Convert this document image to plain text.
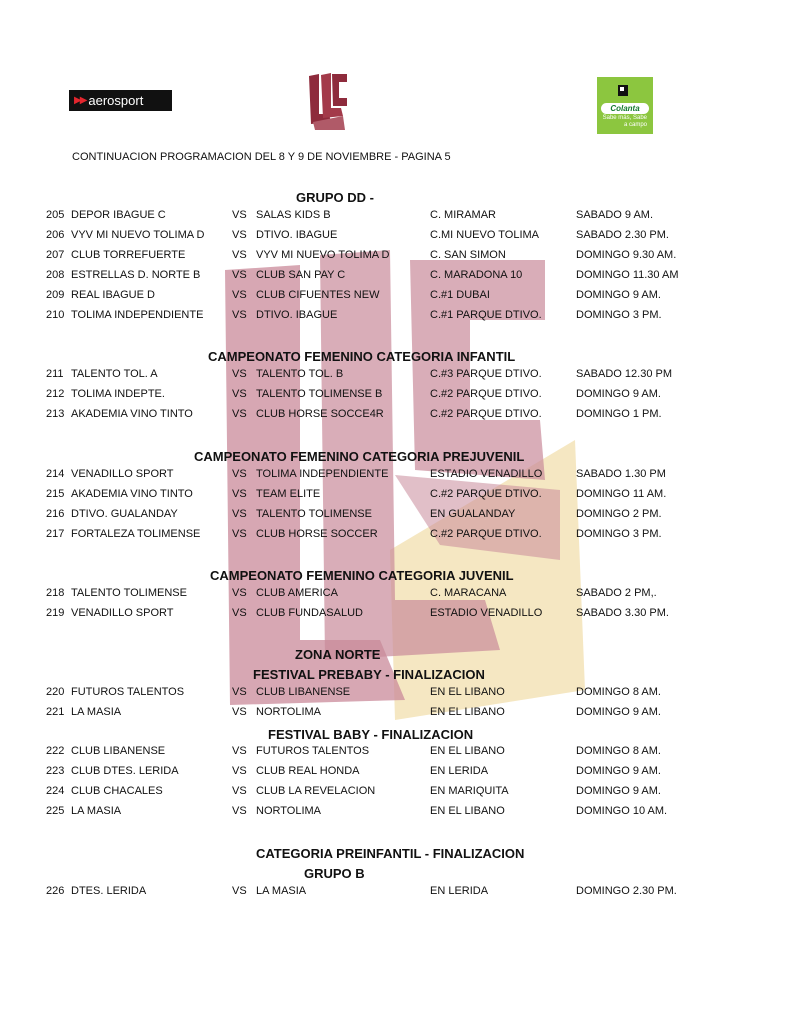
▶▶ aerosport
Colanta
Sabe más, Sabe a campo
CONTINUACION PROGRAMACION DEL 8 Y 9 DE NOVIEMBRE - PAGINA 5
GRUPO DD -
CAMPEONATO FEMENINO CATEGORIA INFANTIL
CAMPEONATO FEMENINO CATEGORIA PREJUVENIL
CAMPEONATO FEMENINO CATEGORIA JUVENIL
ZONA NORTE
FESTIVAL PREBABY - FINALIZACION
FESTIVAL BABY - FINALIZACION
CATEGORIA PREINFANTIL - FINALIZACION
GRUPO B
205 DEPOR IBAGUE C	VS SALAS KIDS B	C. MIRAMAR	SABADO 9 AM.
206 VYV MI NUEVO TOLIMA D	VS DTIVO. IBAGUE	C.MI NUEVO TOLIMA	SABADO 2.30 PM.
207 CLUB TORREFUERTE	VS VYV MI NUEVO TOLIMA D	C. SAN SIMON	DOMINGO 9.30 AM.
208 ESTRELLAS D. NORTE B	VS CLUB SAN PAY C	C. MARADONA 10	DOMINGO 11.30 AM
209 REAL IBAGUE D	VS CLUB CIFUENTES NEW	C.#1 DUBAI	DOMINGO 9 AM.
210 TOLIMA INDEPENDIENTE	VS DTIVO. IBAGUE	C.#1 PARQUE DTIVO.	DOMINGO 3 PM.
211 TALENTO TOL. A	VS TALENTO TOL. B	C.#3 PARQUE DTIVO.	SABADO 12.30 PM
212 TOLIMA INDEPTE.	VS TALENTO TOLIMENSE B	C.#2 PARQUE DTIVO.	DOMINGO 9 AM.
213 AKADEMIA VINO TINTO	VS CLUB HORSE SOCCE4R	C.#2 PARQUE DTIVO.	DOMINGO 1 PM.
214 VENADILLO SPORT	VS TOLIMA INDEPENDIENTE	ESTADIO VENADILLO	SABADO 1.30 PM
215 AKADEMIA VINO TINTO	VS TEAM ELITE	C.#2 PARQUE DTIVO.	DOMINGO 11 AM.
216 DTIVO. GUALANDAY	VS TALENTO TOLIMENSE	EN GUALANDAY	DOMINGO 2 PM.
217 FORTALEZA TOLIMENSE	VS CLUB HORSE SOCCER	C.#2 PARQUE DTIVO.	DOMINGO 3 PM.
218 TALENTO TOLIMENSE	VS CLUB AMERICA	C. MARACANA	SABADO 2 PM,.
219 VENADILLO SPORT	VS CLUB FUNDASALUD	ESTADIO VENADILLO	SABADO 3.30 PM.
220 FUTUROS TALENTOS	VS CLUB LIBANENSE	EN EL LIBANO	DOMINGO 8 AM.
221 LA MASIA	VS NORTOLIMA	EN EL LIBANO	DOMINGO 9 AM.
222 CLUB LIBANENSE	VS FUTUROS TALENTOS	EN EL LIBANO	DOMINGO 8 AM.
223 CLUB DTES. LERIDA	VS CLUB REAL HONDA	EN LERIDA	DOMINGO 9 AM.
224 CLUB CHACALES	VS CLUB LA REVELACION	EN MARIQUITA	DOMINGO 9 AM.
225 LA MASIA	VS NORTOLIMA	EN EL LIBANO	DOMINGO 10 AM.
226 DTES. LERIDA	VS LA MASIA	EN LERIDA	DOMINGO 2.30 PM.
